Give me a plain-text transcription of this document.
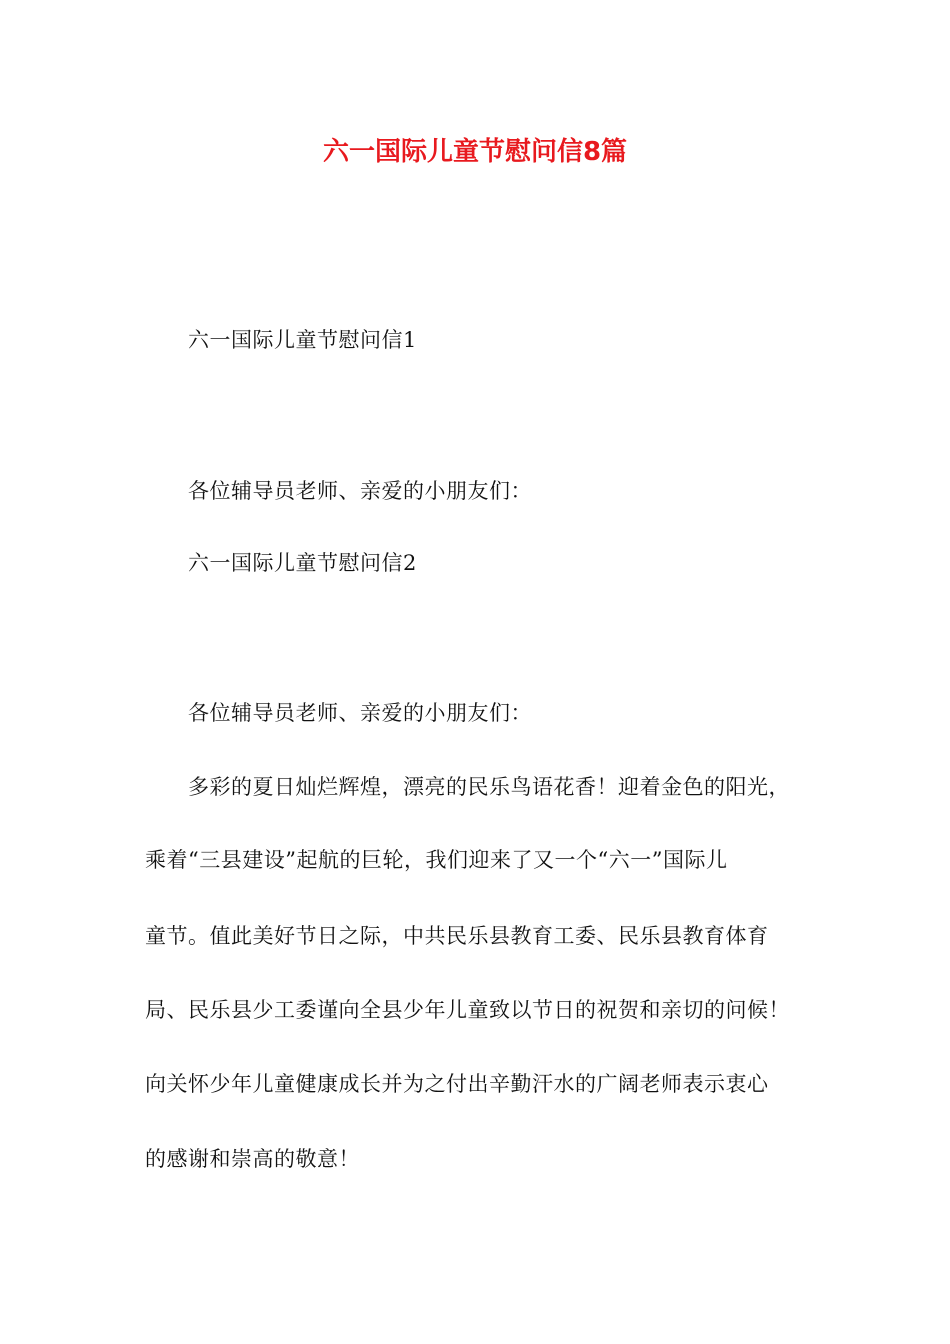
六一国际儿童节慰问信8篇

六一国际儿童节慰问信1

各位辅导员老师、亲爱的小朋友们：

六一国际儿童节慰问信2

各位辅导员老师、亲爱的小朋友们：

多彩的夏日灿烂辉煌，漂亮的民乐鸟语花香！迎着金色的阳光，

乘着“三县建设”起航的巨轮，我们迎来了又一个“六一”国际儿

童节。值此美好节日之际，中共民乐县教育工委、民乐县教育体育

局、民乐县少工委谨向全县少年儿童致以节日的祝贺和亲切的问候！

向关怀少年儿童健康成长并为之付出辛勤汗水的广阔老师表示衷心

的感谢和崇高的敬意！
